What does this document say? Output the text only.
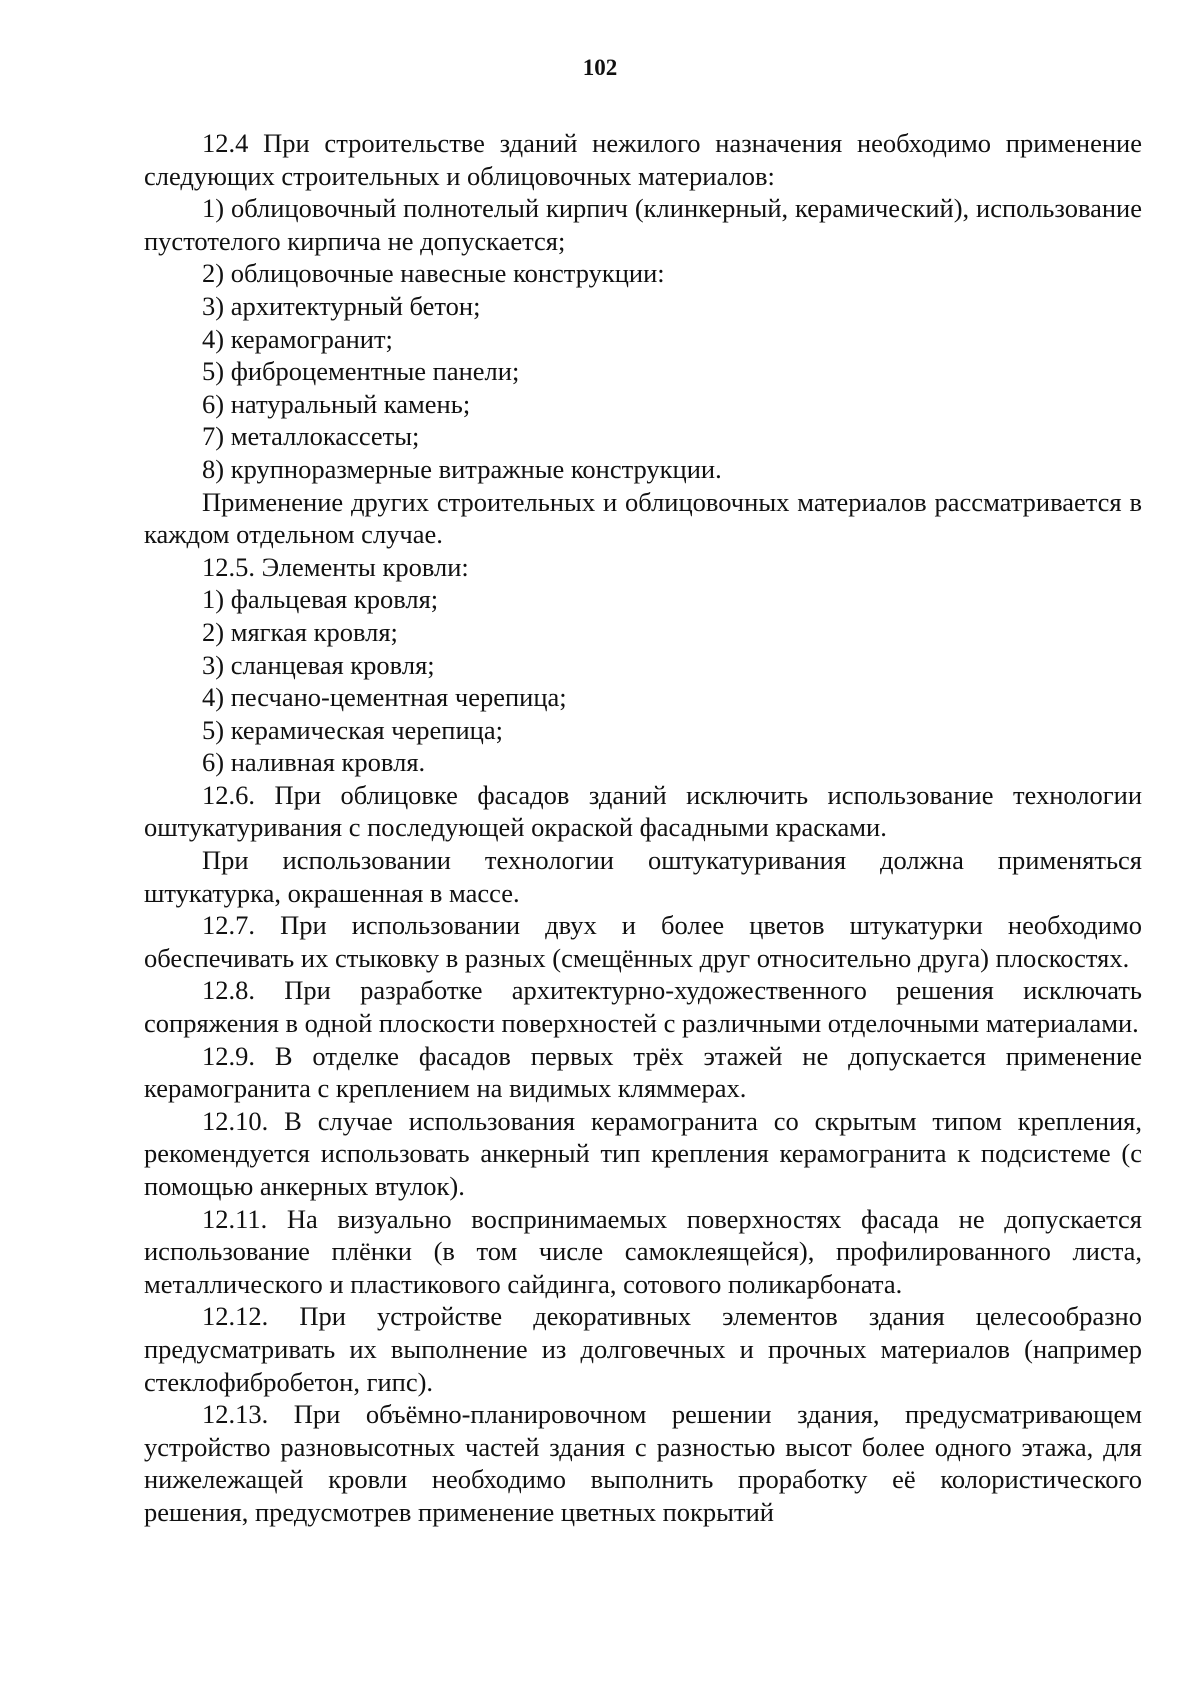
102

12.4 При строительстве зданий нежилого назначения необходимо применение следующих строительных и облицовочных материалов:

1) облицовочный полнотелый кирпич (клинкерный, керамический), использование пустотелого кирпича не допускается;

2) облицовочные навесные конструкции:

3) архитектурный бетон;

4) керамогранит;

5) фиброцементные панели;

6) натуральный камень;

7) металлокассеты;

8) крупноразмерные витражные конструкции.

Применение других строительных и облицовочных материалов рассматривается в каждом отдельном случае.

12.5. Элементы кровли:

1) фальцевая кровля;

2) мягкая кровля;

3) сланцевая кровля;

4) песчано-цементная черепица;

5) керамическая черепица;

6) наливная кровля.

12.6. При облицовке фасадов зданий исключить использование технологии оштукатуривания с последующей окраской фасадными красками.

При использовании технологии оштукатуривания должна применяться штукатурка, окрашенная в массе.

12.7. При использовании двух и более цветов штукатурки необходимо обеспечивать их стыковку в разных (смещённых друг относительно друга) плоскостях.

12.8. При разработке архитектурно-художественного решения исключать сопряжения в одной плоскости поверхностей с различными отделочными материалами.

12.9. В отделке фасадов первых трёх этажей не допускается применение керамогранита с креплением на видимых кляммерах.

12.10. В случае использования керамогранита со скрытым типом крепления, рекомендуется использовать анкерный тип крепления керамогранита к подсистеме (с помощью анкерных втулок).

12.11. На визуально воспринимаемых поверхностях фасада не допускается использование плёнки (в том числе самоклеящейся), профилированного листа, металлического и пластикового сайдинга, сотового поликарбоната.

12.12. При устройстве декоративных элементов здания целесообразно предусматривать их выполнение из долговечных и прочных материалов (например стеклофибробетон, гипс).

12.13. При объёмно-планировочном решении здания, предусматривающем устройство разновысотных частей здания с разностью высот более одного этажа, для нижележащей кровли необходимо выполнить проработку её колористического решения, предусмотрев применение цветных покрытий
